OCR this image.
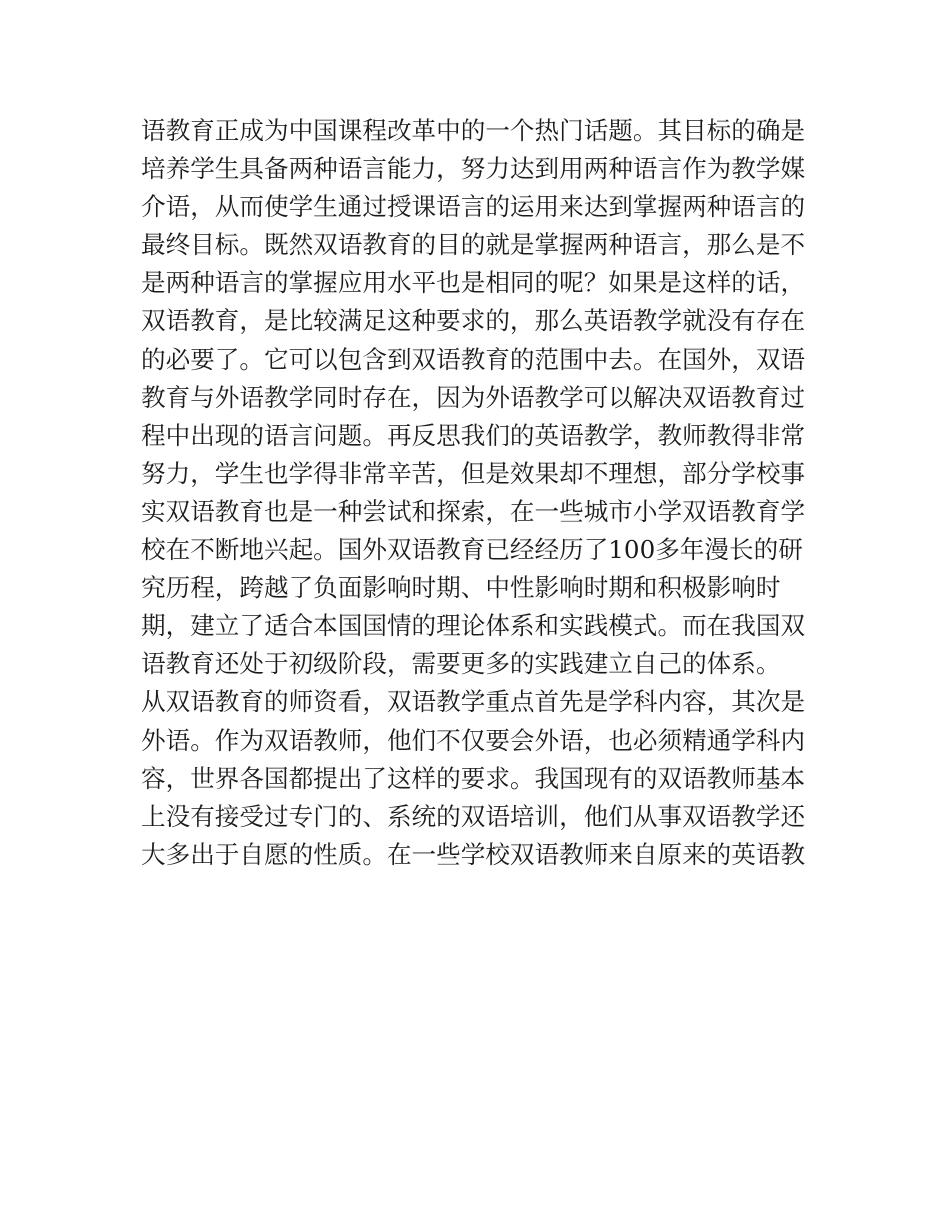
语教育正成为中国课程改革中的一个热门话题。其目标的确是
培养学生具备两种语言能力，努力达到用两种语言作为教学媒
介语，从而使学生通过授课语言的运用来达到掌握两种语言的
最终目标。既然双语教育的目的就是掌握两种语言，那么是不
是两种语言的掌握应用水平也是相同的呢？如果是这样的话，
双语教育，是比较满足这种要求的，那么英语教学就没有存在
的必要了。它可以包含到双语教育的范围中去。在国外，双语
教育与外语教学同时存在，因为外语教学可以解决双语教育过
程中出现的语言问题。再反思我们的英语教学，教师教得非常
努力，学生也学得非常辛苦，但是效果却不理想，部分学校事
实双语教育也是一种尝试和探索，在一些城市小学双语教育学
校在不断地兴起。国外双语教育已经经历了100多年漫长的研
究历程，跨越了负面影响时期、中性影响时期和积极影响时
期，建立了适合本国国情的理论体系和实践模式。而在我国双
语教育还处于初级阶段，需要更多的实践建立自己的体系。
从双语教育的师资看，双语教学重点首先是学科内容，其次是
外语。作为双语教师，他们不仅要会外语，也必须精通学科内
容，世界各国都提出了这样的要求。我国现有的双语教师基本
上没有接受过专门的、系统的双语培训，他们从事双语教学还
大多出于自愿的性质。在一些学校双语教师来自原来的英语教
